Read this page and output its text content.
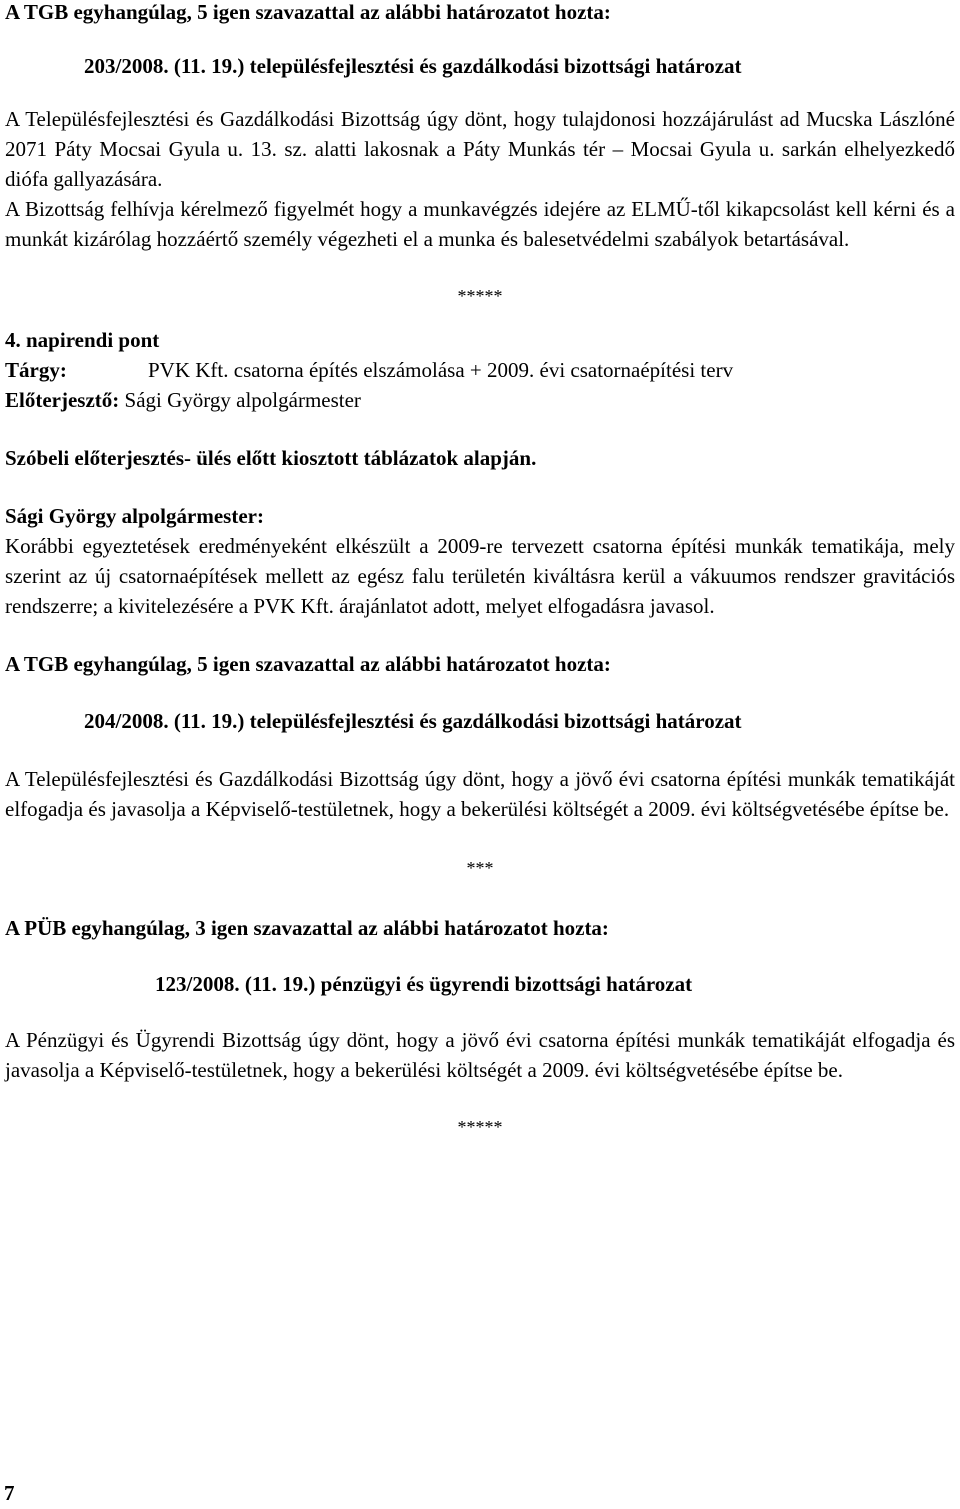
A TGB egyhangúlag, 5 igen szavazattal az alábbi határozatot hozta:

203/2008. (11. 19.) településfejlesztési és gazdálkodási bizottsági határozat

A Településfejlesztési és Gazdálkodási Bizottság úgy dönt, hogy tulajdonosi hozzájárulást ad Mucska Lászlóné 2071 Páty Mocsai Gyula u. 13. sz. alatti lakosnak a Páty Munkás tér – Mocsai Gyula u. sarkán elhelyezkedő diófa gallyazására.

A Bizottság felhívja kérelmező figyelmét hogy a munkavégzés idejére az ELMŰ-től kikapcsolást kell kérni és a munkát kizárólag hozzáértő személy végezheti el a munka és balesetvédelmi szabályok betartásával.

*****

4. napirendi pont

Tárgy:	PVK Kft. csatorna építés elszámolása + 2009. évi csatornaépítési terv

Előterjesztő: Sági György alpolgármester

Szóbeli előterjesztés- ülés előtt kiosztott táblázatok alapján.

Sági György alpolgármester:

Korábbi egyeztetések eredményeként elkészült a 2009-re tervezett csatorna építési munkák tematikája, mely szerint az új csatornaépítések mellett az egész falu területén kiváltásra kerül a vákuumos rendszer gravitációs rendszerre; a kivitelezésére a PVK Kft. árajánlatot adott, melyet elfogadásra javasol.

A TGB egyhangúlag, 5 igen szavazattal az alábbi határozatot hozta:

204/2008. (11. 19.) településfejlesztési és gazdálkodási bizottsági határozat

A Településfejlesztési és Gazdálkodási Bizottság úgy dönt, hogy a jövő évi csatorna építési munkák tematikáját elfogadja és javasolja a Képviselő-testületnek, hogy a bekerülési költségét a 2009. évi költségvetésébe építse be.

***

A PÜB egyhangúlag, 3 igen szavazattal az alábbi határozatot hozta:

123/2008. (11. 19.) pénzügyi és ügyrendi bizottsági határozat

A Pénzügyi és Ügyrendi Bizottság úgy dönt, hogy a jövő évi csatorna építési munkák tematikáját elfogadja és javasolja a Képviselő-testületnek, hogy a bekerülési költségét a 2009. évi költségvetésébe építse be.

*****

7
